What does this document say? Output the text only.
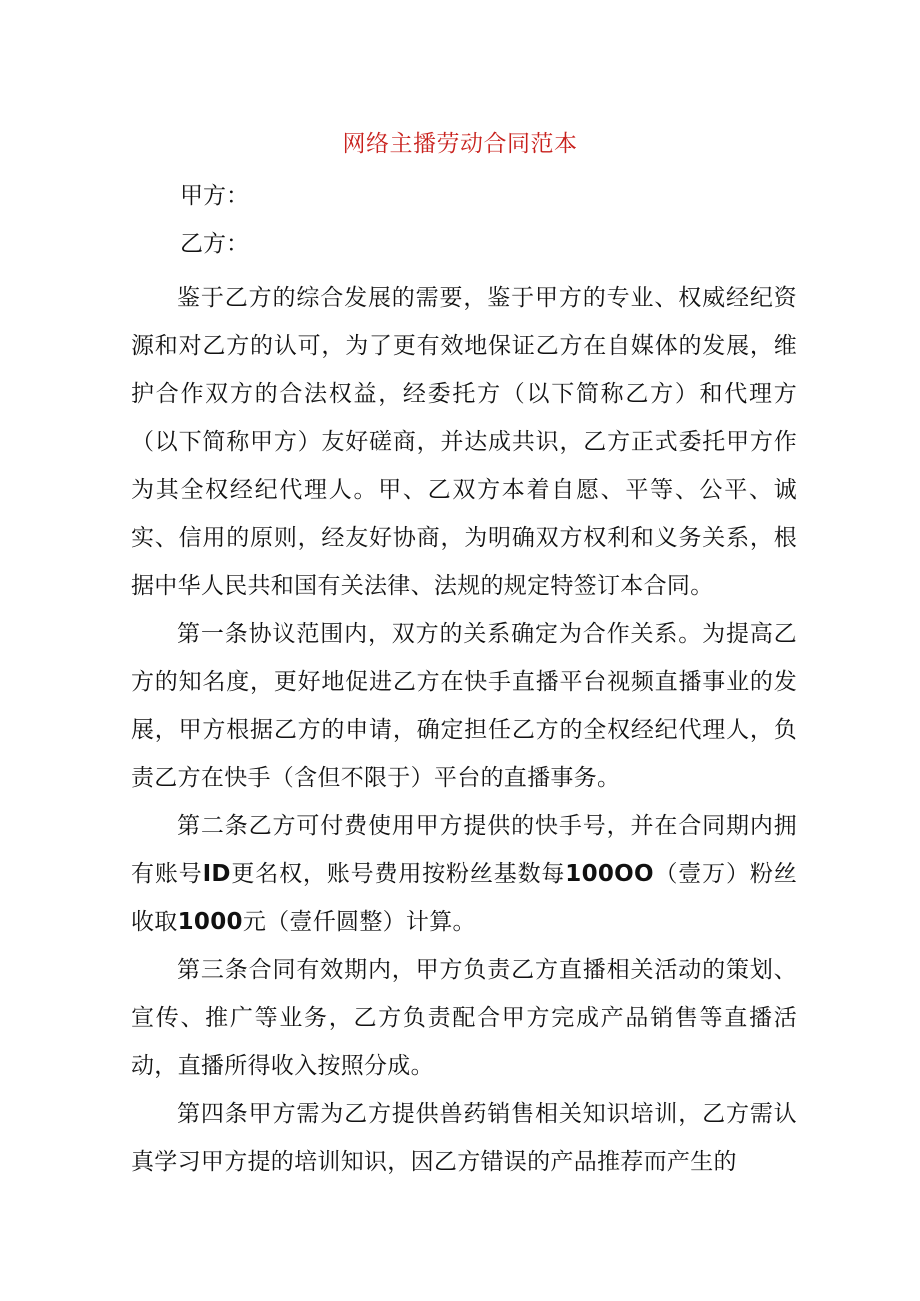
网络主播劳动合同范本
甲方：
乙方：

鉴于乙方的综合发展的需要，鉴于甲方的专业、权威经纪资源和对乙方的认可，为了更有效地保证乙方在自媒体的发展，维护合作双方的合法权益，经委托方（以下简称乙方）和代理方（以下简称甲方）友好磋商，并达成共识，乙方正式委托甲方作为其全权经纪代理人。甲、乙双方本着自愿、平等、公平、诚实、信用的原则，经友好协商，为明确双方权利和义务关系，根据中华人民共和国有关法律、法规的规定特签订本合同。

第一条协议范围内，双方的关系确定为合作关系。为提高乙方的知名度，更好地促进乙方在快手直播平台视频直播事业的发展，甲方根据乙方的申请，确定担任乙方的全权经纪代理人，负责乙方在快手（含但不限于）平台的直播事务。

第二条乙方可付费使用甲方提供的快手号，并在合同期内拥有账号ID更名权，账号费用按粉丝基数每100OO（壹万）粉丝收取1000元（壹仟圆整）计算。

第三条合同有效期内，甲方负责乙方直播相关活动的策划、宣传、推广等业务，乙方负责配合甲方完成产品销售等直播活动，直播所得收入按照分成。

第四条甲方需为乙方提供兽药销售相关知识培训，乙方需认真学习甲方提的培训知识，因乙方错误的产品推荐而产生的
